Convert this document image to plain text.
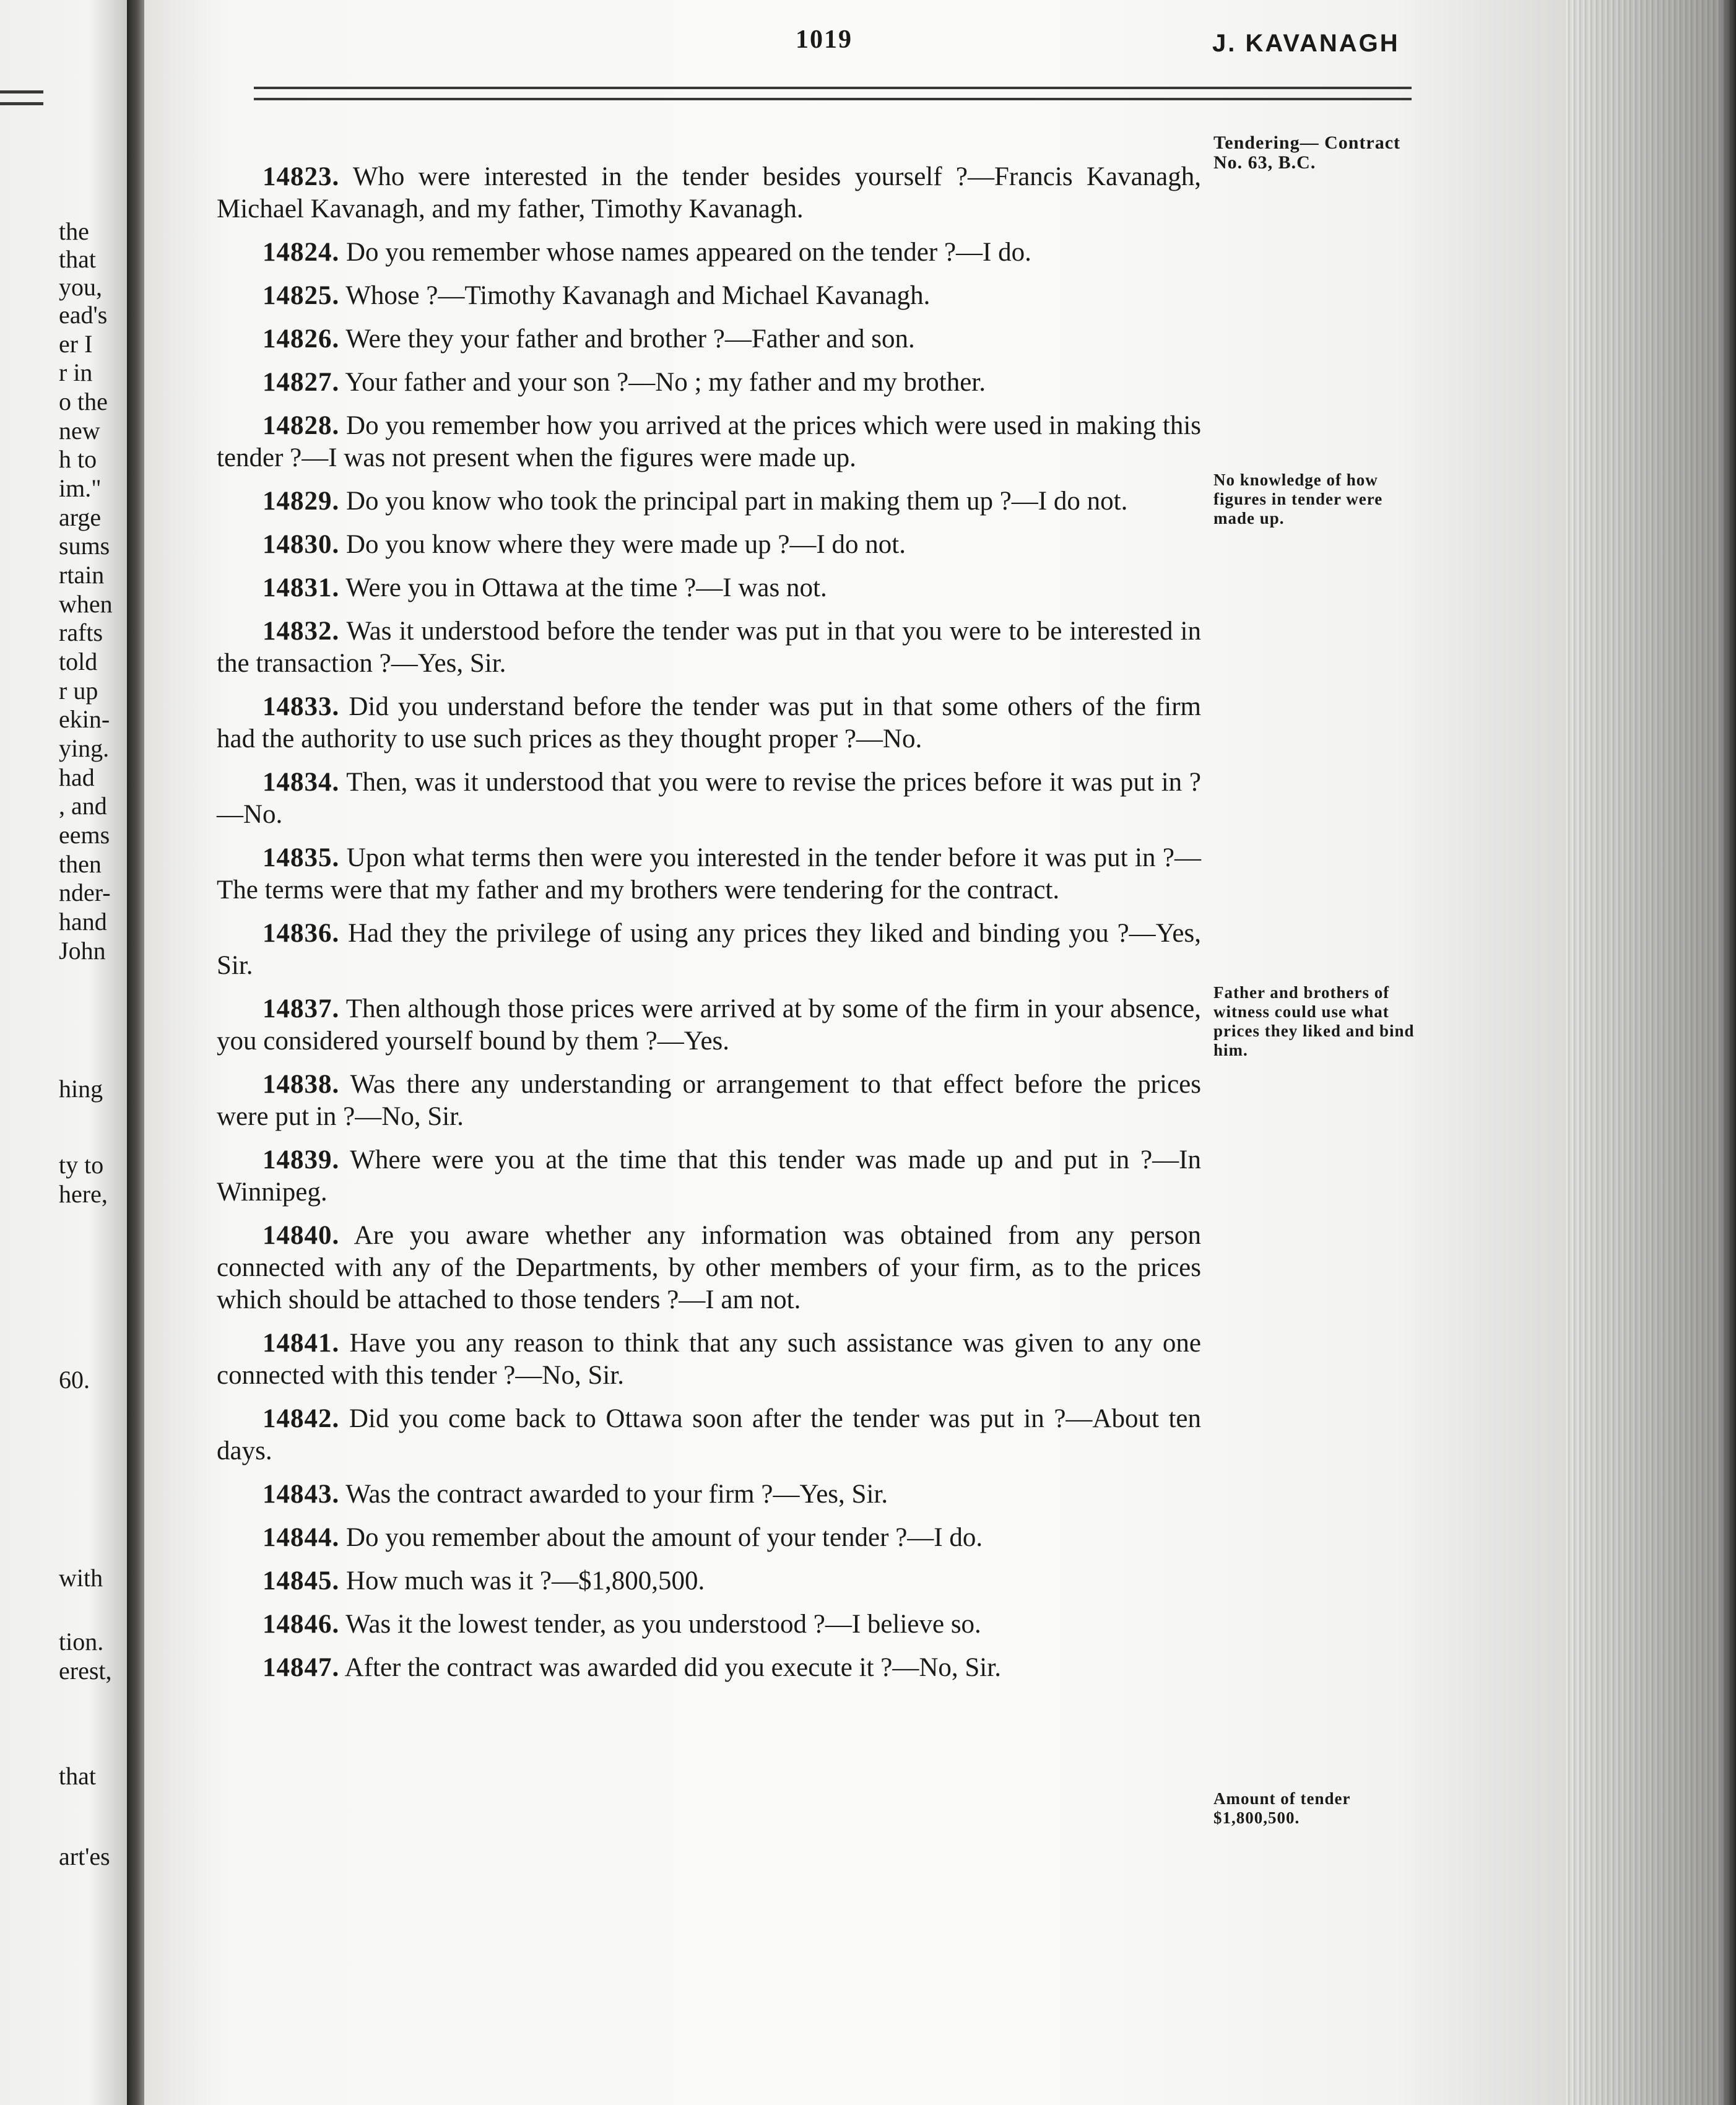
the
that
you,
ead's
er I
r in
o the
new
h to
im."
arge
sums
rtain
when
rafts
told
r up
ekin-
ying.
had
, and
eems
then
nder-
hand
John
hing
ty to
here,
60.
with
tion.
erest,
that
art'es
1019	J. KAVANAGH

14823. Who were interested in the tender besides yourself ?—Francis Kavanagh, Michael Kavanagh, and my father, Timothy Kavanagh.

14824. Do you remember whose names appeared on the tender ?—I do.

14825. Whose ?—Timothy Kavanagh and Michael Kavanagh.

14826. Were they your father and brother ?—Father and son.

14827. Your father and your son ?—No ; my father and my brother.

14828. Do you remember how you arrived at the prices which were used in making this tender ?—I was not present when the figures were made up.

14829. Do you know who took the principal part in making them up ?—I do not.

14830. Do you know where they were made up ?—I do not.

14831. Were you in Ottawa at the time ?—I was not.

14832. Was it understood before the tender was put in that you were to be interested in the transaction ?—Yes, Sir.

14833. Did you understand before the tender was put in that some others of the firm had the authority to use such prices as they thought proper ?—No.

14834. Then, was it understood that you were to revise the prices before it was put in ?—No.

14835. Upon what terms then were you interested in the tender before it was put in ?—The terms were that my father and my brothers were tendering for the contract.

14836. Had they the privilege of using any prices they liked and binding you ?—Yes, Sir.

14837. Then although those prices were arrived at by some of the firm in your absence, you considered yourself bound by them ?—Yes.

14838. Was there any understanding or arrangement to that effect before the prices were put in ?—No, Sir.

14839. Where were you at the time that this tender was made up and put in ?—In Winnipeg.

14840. Are you aware whether any information was obtained from any person connected with any of the Departments, by other members of your firm, as to the prices which should be attached to those tenders ?—I am not.

14841. Have you any reason to think that any such assistance was given to any one connected with this tender ?—No, Sir.

14842. Did you come back to Ottawa soon after the tender was put in ?—About ten days.

14843. Was the contract awarded to your firm ?—Yes, Sir.

14844. Do you remember about the amount of your tender ?—I do.

14845. How much was it ?—$1,800,500.

14846. Was it the lowest tender, as you understood ?—I believe so.

14847. After the contract was awarded did you execute it ?—No, Sir.

Tendering— Contract No. 63, B.C.
No knowledge of how figures in tender were made up.
Father and brothers of witness could use what prices they liked and bind him.
Amount of tender $1,800,500.
